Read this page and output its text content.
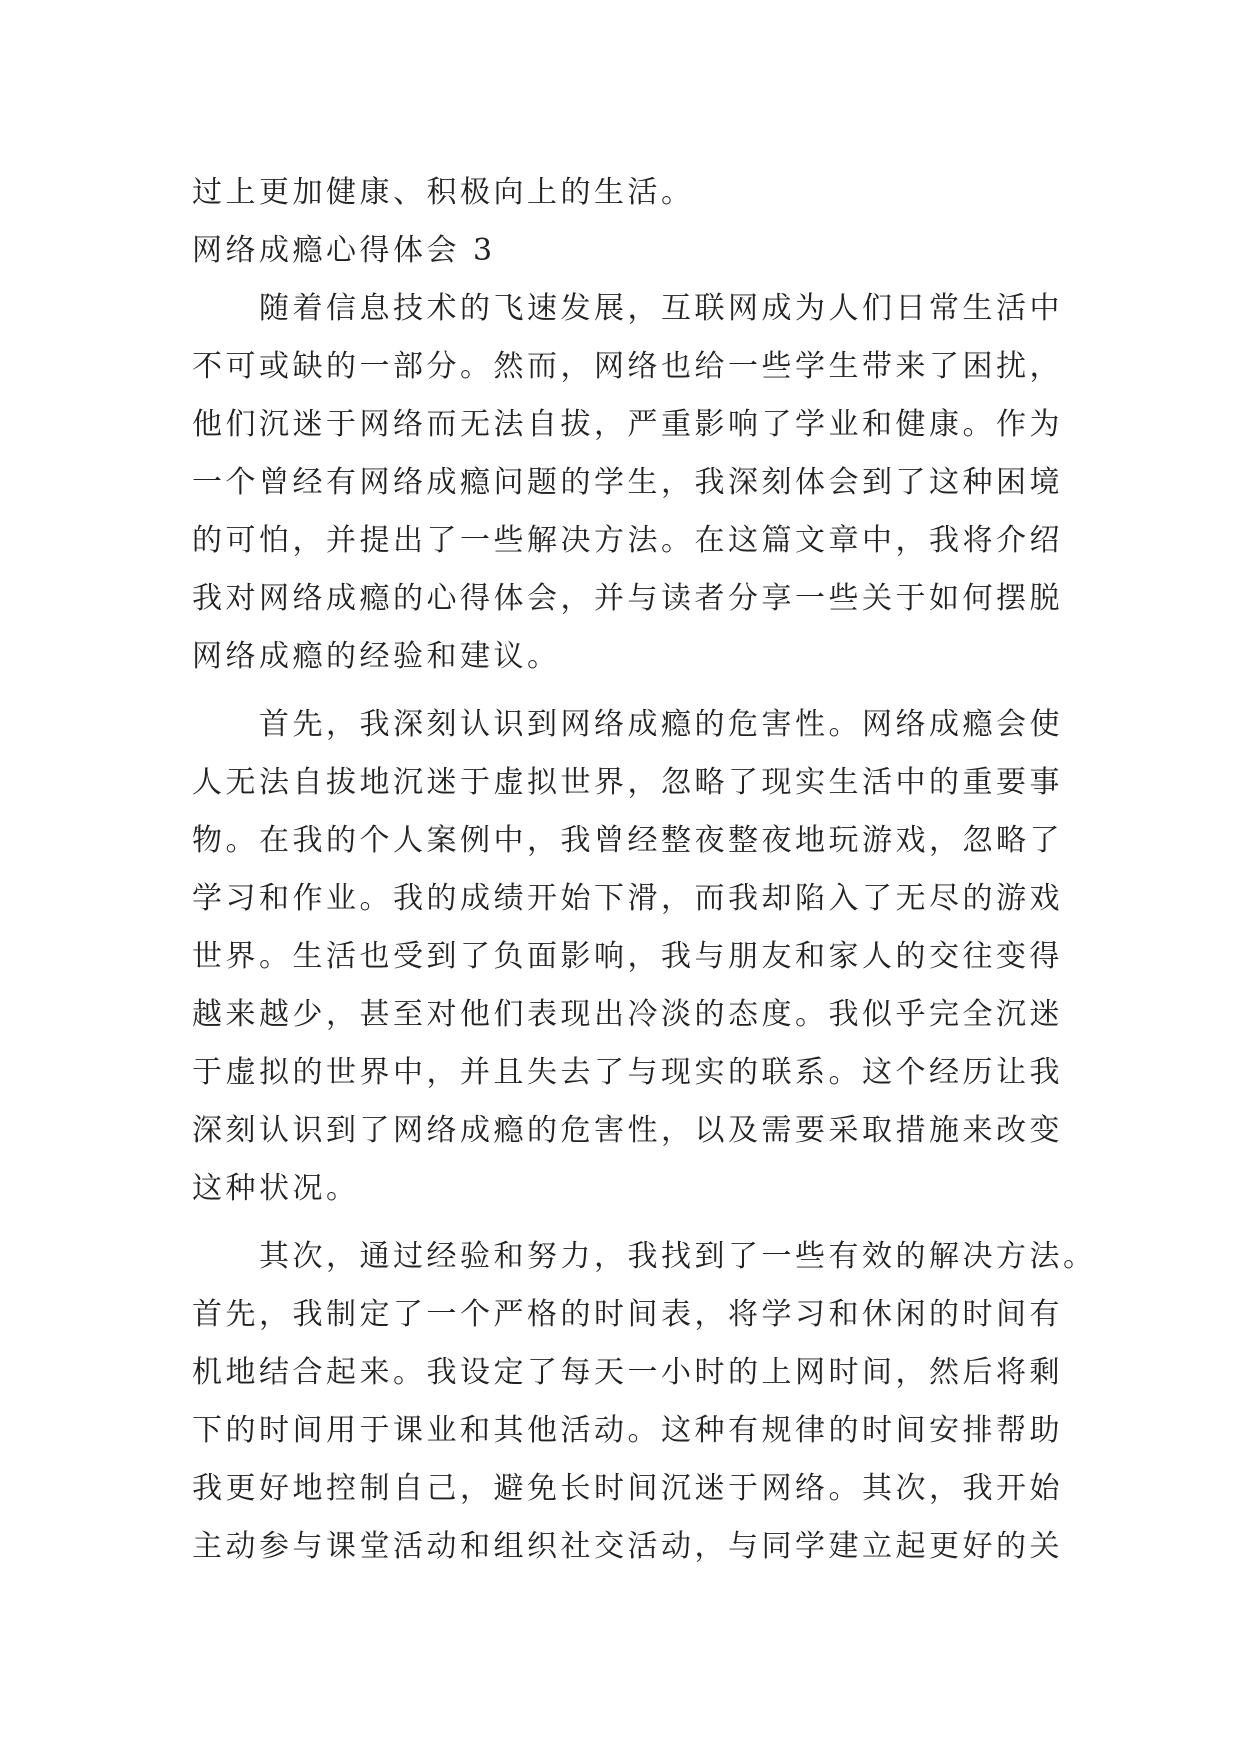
过上更加健康、积极向上的生活。
网络成瘾心得体会 3
随着信息技术的飞速发展，互联网成为人们日常生活中
不可或缺的一部分。然而，网络也给一些学生带来了困扰，
他们沉迷于网络而无法自拔，严重影响了学业和健康。作为
一个曾经有网络成瘾问题的学生，我深刻体会到了这种困境
的可怕，并提出了一些解决方法。在这篇文章中，我将介绍
我对网络成瘾的心得体会，并与读者分享一些关于如何摆脱
网络成瘾的经验和建议。
首先，我深刻认识到网络成瘾的危害性。网络成瘾会使
人无法自拔地沉迷于虚拟世界，忽略了现实生活中的重要事
物。在我的个人案例中，我曾经整夜整夜地玩游戏，忽略了
学习和作业。我的成绩开始下滑，而我却陷入了无尽的游戏
世界。生活也受到了负面影响，我与朋友和家人的交往变得
越来越少，甚至对他们表现出冷淡的态度。我似乎完全沉迷
于虚拟的世界中，并且失去了与现实的联系。这个经历让我
深刻认识到了网络成瘾的危害性，以及需要采取措施来改变
这种状况。
其次，通过经验和努力，我找到了一些有效的解决方法。
首先，我制定了一个严格的时间表，将学习和休闲的时间有
机地结合起来。我设定了每天一小时的上网时间，然后将剩
下的时间用于课业和其他活动。这种有规律的时间安排帮助
我更好地控制自己，避免长时间沉迷于网络。其次，我开始
主动参与课堂活动和组织社交活动，与同学建立起更好的关
